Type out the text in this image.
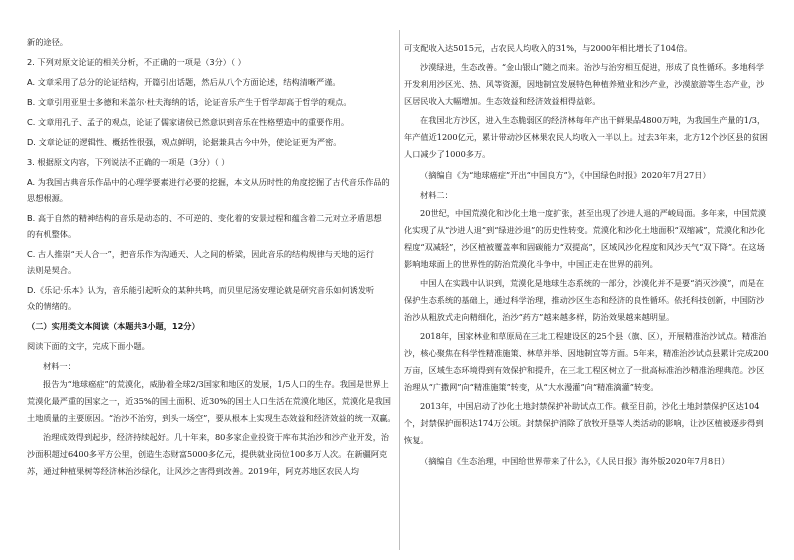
新的途径。

2. 下列对原文论证的相关分析，不正确的一项是（3分）（ ）

A. 文章采用了总分的论证结构，开篇引出话题，然后从八个方面论述，结构清晰严谨。

B. 文章引用亚里士多德和米盖尔·杜夫海纳的话，论证音乐产生于哲学却高于哲学的观点。

C. 文章用孔子、孟子的观点，论证了儒家诸侯已然意识到音乐在性格塑造中的重要作用。

D. 文章论证的逻辑性、概括性很强，观点鲜明，论据兼具古今中外，使论证更为严密。

3. 根据原文内容，下列说法不正确的一项是（3分）（ ）

A. 为我国古典音乐作品中的心理学要素进行必要的挖掘，本文从历时性的角度挖掘了古代音乐作品的

思想根源。

B. 高于自然的精神结构的音乐是动态的、不可逆的、变化着的安景过程和蕴含着二元对立矛盾思想

的有机整体。

C. 古人推崇“天人合一”，把音乐作为沟通天、人之间的桥梁，因此音乐的结构规律与天地的运行

法则是契合。

D.《乐记·乐本》认为，音乐能引起听众的某种共鸣，而贝里尼汤安理论就是研究音乐如何诱发听

众的情绪的。

（二）实用类文本阅读（本题共3小题，12分）

阅读下面的文字，完成下面小题。

材料一：

报告为“地球癌症”的荒漠化，威胁着全球2/3国家和地区的发展，1/5人口的生存。我国是世界上荒漠化最严重的国家之一，近35%的国土面积、近30%的国土人口生活在荒漠化地区，荒漠化是我国土地质量的主要原因。“治沙不治穷，到头一场空”，要从根本上实现生态效益和经济效益的统一双赢。

治理成效得到起步，经济持续起好。几十年来，80多家企业投资于库布其治沙和沙产业开发，治沙面积超过6400多平方公里，创造生态财富5000多亿元，提供就业岗位100多万人次。在新疆阿克苏，通过种植果树等经济林治沙绿化，让风沙之害得到改善。2019年，阿克苏地区农民人均

可支配收入达5015元，占农民人均收入的31%，与2000年相比增长了104倍。

沙漠绿进，生态改善。“金山银山”随之而来。治沙与治穷相互促进，形成了良性循环。多地科学开发利用沙区光、热、风等资源，因地制宜发展特色种植养殖业和沙产业，沙漠旅游等生态产业，沙区居民收入大幅增加。生态效益和经济效益相得益彰。

在我国北方沙区，进入生态脆弱区的经济林每年产出干鲜果品4800万吨，为我国生产量的1/3，年产值近1200亿元，累计带动沙区林果农民人均收入一半以上。过去3年来，北方12个沙区县的贫困人口减少了1000多万。

（摘编自《为“地球癌症”开出“中国良方”》，《中国绿色时报》2020年7月27日）

材料二：

20世纪，中国荒漠化和沙化土地一度扩张，甚至出现了沙进人退的严峻局面。多年来，中国荒漠化实现了从“沙进人退”到“绿进沙退”的历史性转变。荒漠化和沙化土地面积“双缩减”，荒漠化和沙化程度“双减轻”，沙区植被覆盖率和固碳能力“双提高”，区域风沙化程度和风沙天气“双下降”。在这场影响地球面上的世界性的防治荒漠化斗争中，中国正走在世界的前列。

中国人在实践中认识到，荒漠化是地球生态系统的一部分，沙漠化并不是要“消灭沙漠”，而是在保护生态系统的基础上，通过科学治理，推动沙区生态和经济的良性循环。依托科技创新，中国防沙治沙从粗放式走向精细化，治沙“药方”越来越多样，防治效果越来越明显。

2018年，国家林业和草原局在三北工程建设区的25个县（旗、区），开展精准治沙试点。精准治沙，核心聚焦在科学性精准施策、林草并举、因地制宜等方面。5年来，精准治沙试点县累计完成200万亩，区域生态环境得到有效保护和提升，在三北工程区树立了一批高标准治沙精准治理典范。沙区治理从“广撒网”向“精准施策”转变，从“大水漫灌”向“精准滴灌”转变。

2013年，中国启动了沙化土地封禁保护补助试点工作。截至目前，沙化土地封禁保护区达104个，封禁保护面积达174万公顷。封禁保护消除了放牧开垦等人类活动的影响，让沙区植被逐步得到恢复。

（摘编自《生态治理，中国给世界带来了什么》，《人民日报》海外版2020年7月8日）
